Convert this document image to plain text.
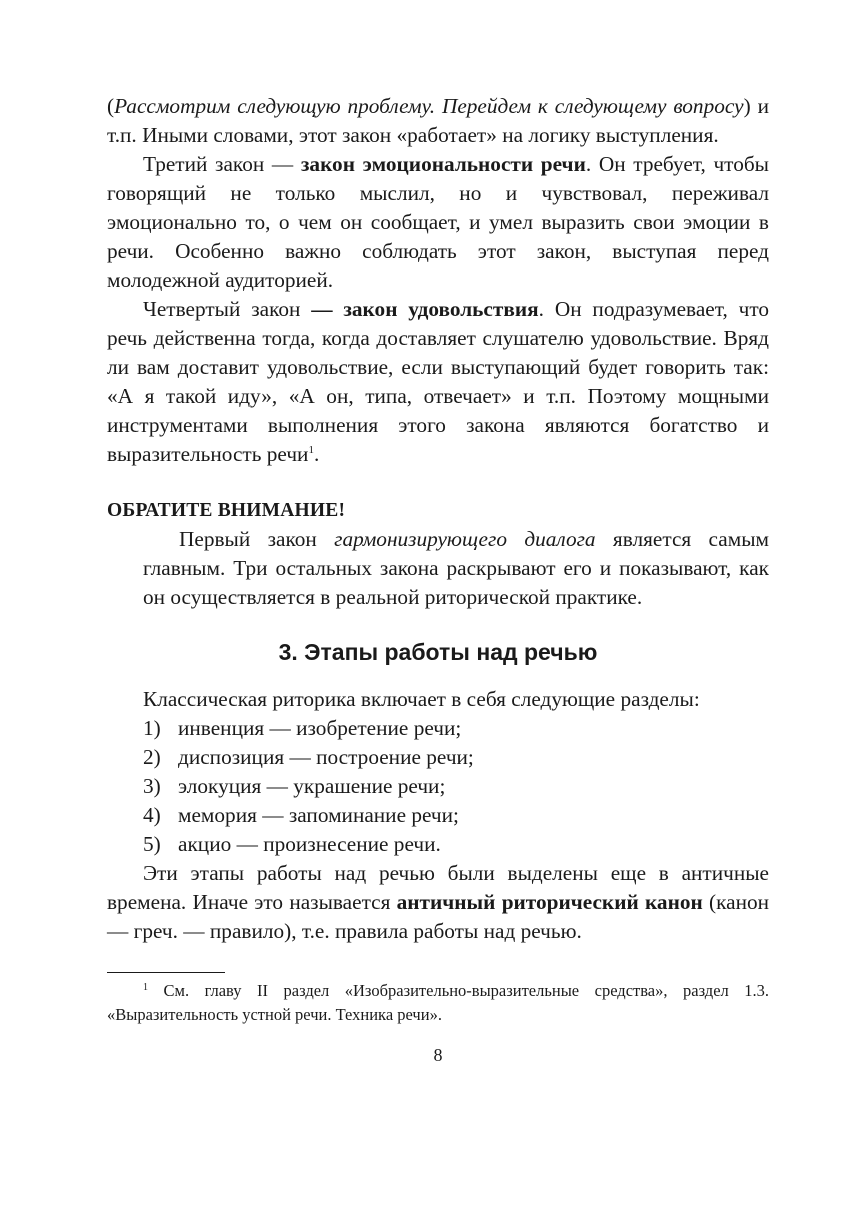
(Рассмотрим следующую проблему. Перейдем к следующему вопросу) и т.п. Иными словами, этот закон «работает» на логику выступления.

Третий закон — закон эмоциональности речи. Он требует, чтобы говорящий не только мыслил, но и чувствовал, переживал эмоционально то, о чем он сообщает, и умел выразить свои эмоции в речи. Особенно важно соблюдать этот закон, выступая перед молодежной аудиторией.

Четвертый закон — закон удовольствия. Он подразумевает, что речь действенна тогда, когда доставляет слушателю удовольствие. Вряд ли вам доставит удовольствие, если выступающий будет говорить так: «А я такой иду», «А он, типа, отвечает» и т.п. Поэтому мощными инструментами выполнения этого закона являются богатство и выразительность речи$^1$.

ОБРАТИТЕ ВНИМАНИЕ!

Первый закон гармонизирующего диалога является самым главным. Три остальных закона раскрывают его и показывают, как он осуществляется в реальной риторической практике.

3. Этапы работы над речью

Классическая риторика включает в себя следующие разделы:

1) инвенция — изобретение речи;
2) диспозиция — построение речи;
3) элокуция — украшение речи;
4) мемория — запоминание речи;
5) акцио — произнесение речи.

Эти этапы работы над речью были выделены еще в античные времена. Иначе это называется античный риторический канон (канон — греч. — правило), т.е. правила работы над речью.

$^1$ См. главу II раздел «Изобразительно-выразительные средства», раздел 1.3. «Выразительность устной речи. Техника речи».

8
